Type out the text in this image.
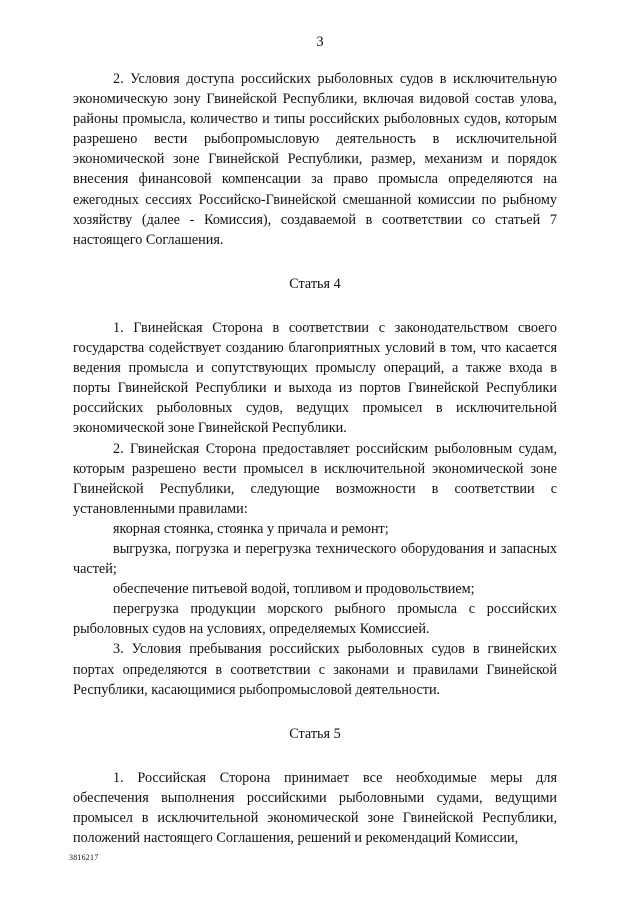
3

2. Условия доступа российских рыболовных судов в исключительную экономическую зону Гвинейской Республики, включая видовой состав улова, районы промысла, количество и типы российских рыболовных судов, которым разрешено вести рыбопромысловую деятельность в исключительной экономической зоне Гвинейской Республики, размер, механизм и порядок внесения финансовой компенсации за право промысла определяются на ежегодных сессиях Российско-Гвинейской смешанной комиссии по рыбному хозяйству (далее - Комиссия), создаваемой в соответствии со статьей 7 настоящего Соглашения.

Статья 4

1. Гвинейская Сторона в соответствии с законодательством своего государства содействует созданию благоприятных условий в том, что касается ведения промысла и сопутствующих промыслу операций, а также входа в порты Гвинейской Республики и выхода из портов Гвинейской Республики российских рыболовных судов, ведущих промысел в исключительной экономической зоне Гвинейской Республики.

2. Гвинейская Сторона предоставляет российским рыболовным судам, которым разрешено вести промысел в исключительной экономической зоне Гвинейской Республики, следующие возможности в соответствии с установленными правилами:

якорная стоянка, стоянка у причала и ремонт;

выгрузка, погрузка и перегрузка технического оборудования и запасных частей;

обеспечение питьевой водой, топливом и продовольствием;

перегрузка продукции морского рыбного промысла с российских рыболовных судов на условиях, определяемых Комиссией.

3. Условия пребывания российских рыболовных судов в гвинейских портах определяются в соответствии с законами и правилами Гвинейской Республики, касающимися рыбопромысловой деятельности.

Статья 5

1. Российская Сторона принимает все необходимые меры для обеспечения выполнения российскими рыболовными судами, ведущими промысел в исключительной экономической зоне Гвинейской Республики, положений настоящего Соглашения, решений и рекомендаций Комиссии,

3816217
